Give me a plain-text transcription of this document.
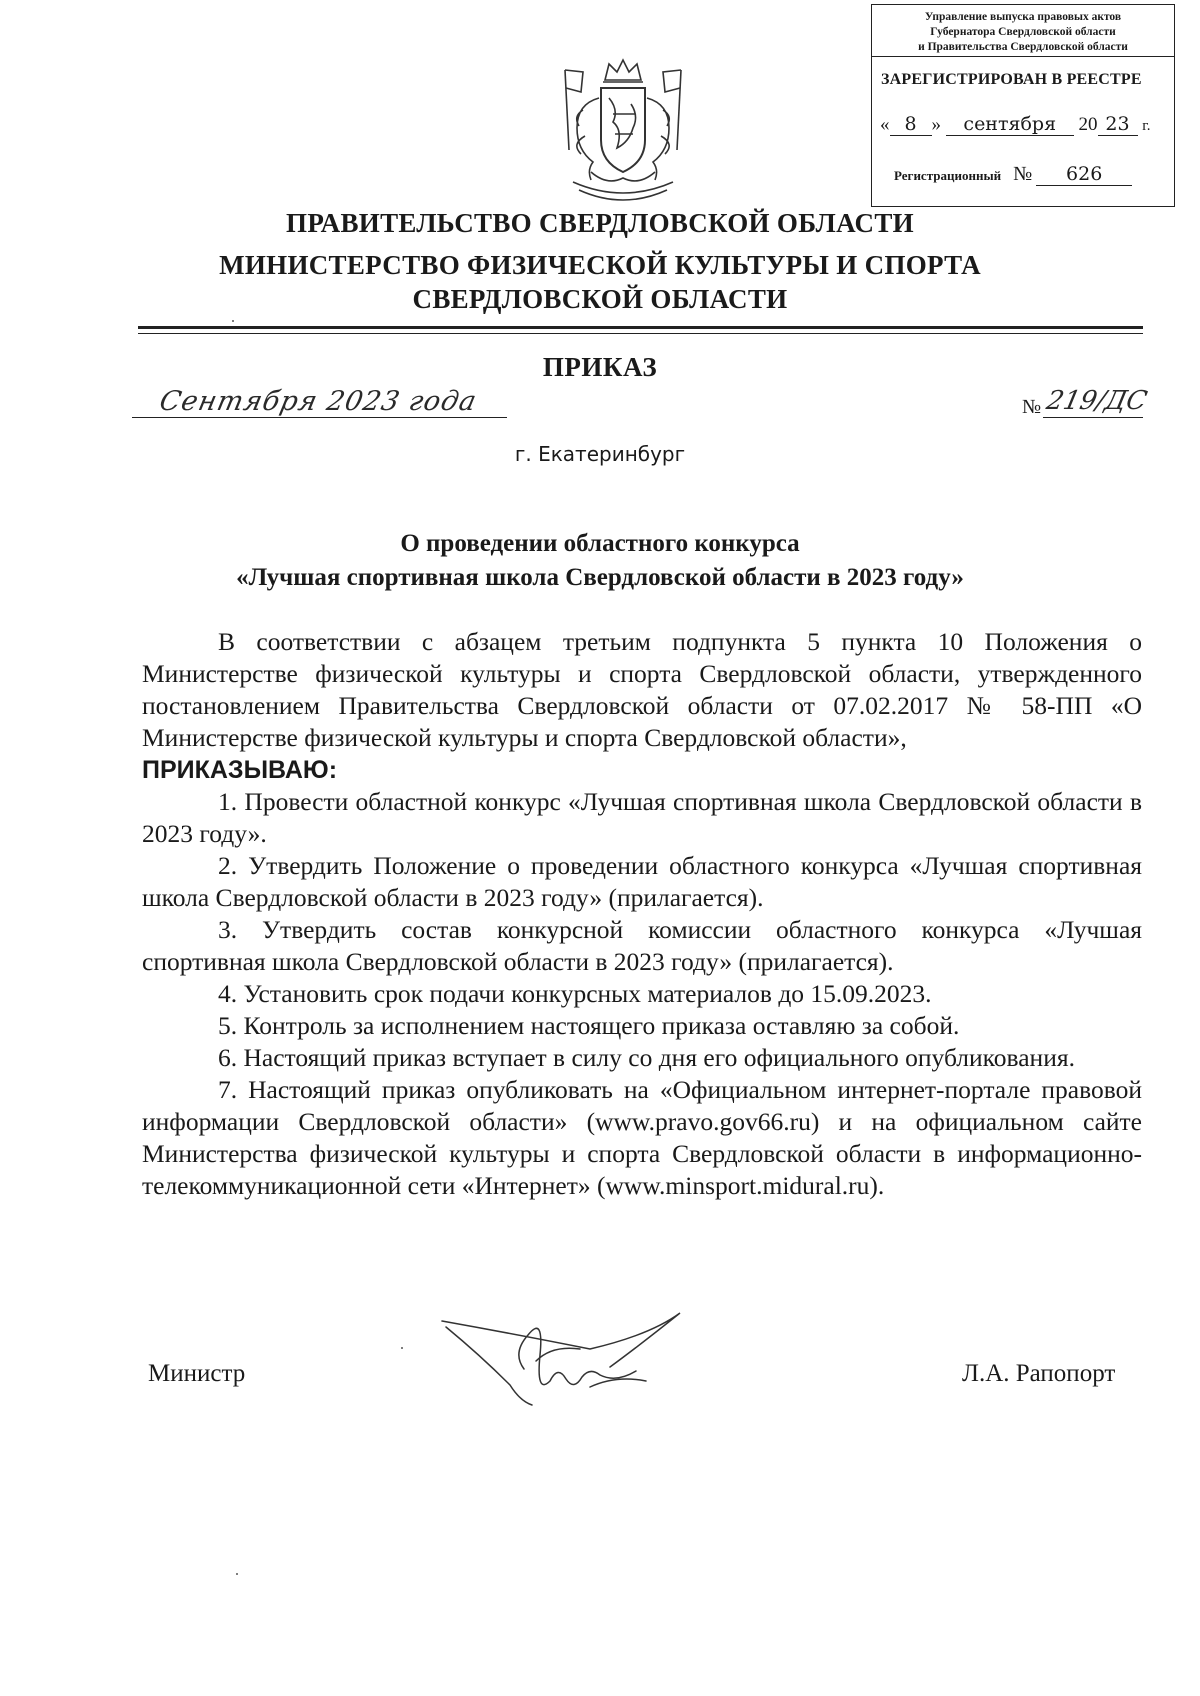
Управление выпуска правовых актов
Губернатора Свердловской области
и Правительства Свердловской области
ЗАРЕГИСТРИРОВАН В РЕЕСТРЕ
« 8 » сентября 20 23 г.
Регистрационный № 626
ПРАВИТЕЛЬСТВО СВЕРДЛОВСКОЙ ОБЛАСТИ
МИНИСТЕРСТВО ФИЗИЧЕСКОЙ КУЛЬТУРЫ И СПОРТА
СВЕРДЛОВСКОЙ ОБЛАСТИ
ПРИКАЗ
Сентября 2023 года	№ 219/ДС
г. Екатеринбург
О проведении областного конкурса
«Лучшая спортивная школа Свердловской области в 2023 году»

В соответствии с абзацем третьим подпункта 5 пункта 10 Положения о Министерстве физической культуры и спорта Свердловской области, утвержденного постановлением Правительства Свердловской области от 07.02.2017 № 58-ПП «О Министерстве физической культуры и спорта Свердловской области»,

ПРИКАЗЫВАЮ:

1. Провести областной конкурс «Лучшая спортивная школа Свердловской области в 2023 году».

2. Утвердить Положение о проведении областного конкурса «Лучшая спортивная школа Свердловской области в 2023 году» (прилагается).

3. Утвердить состав конкурсной комиссии областного конкурса «Лучшая спортивная школа Свердловской области в 2023 году» (прилагается).

4. Установить срок подачи конкурсных материалов до 15.09.2023.

5. Контроль за исполнением настоящего приказа оставляю за собой.

6. Настоящий приказ вступает в силу со дня его официального опубликования.

7. Настоящий приказ опубликовать на «Официальном интернет-портале правовой информации Свердловской области» (www.pravo.gov66.ru) и на официальном сайте Министерства физической культуры и спорта Свердловской области в информационно-телекоммуникационной сети «Интернет» (www.minsport.midural.ru).

Министр	Л.А. Рапопорт
